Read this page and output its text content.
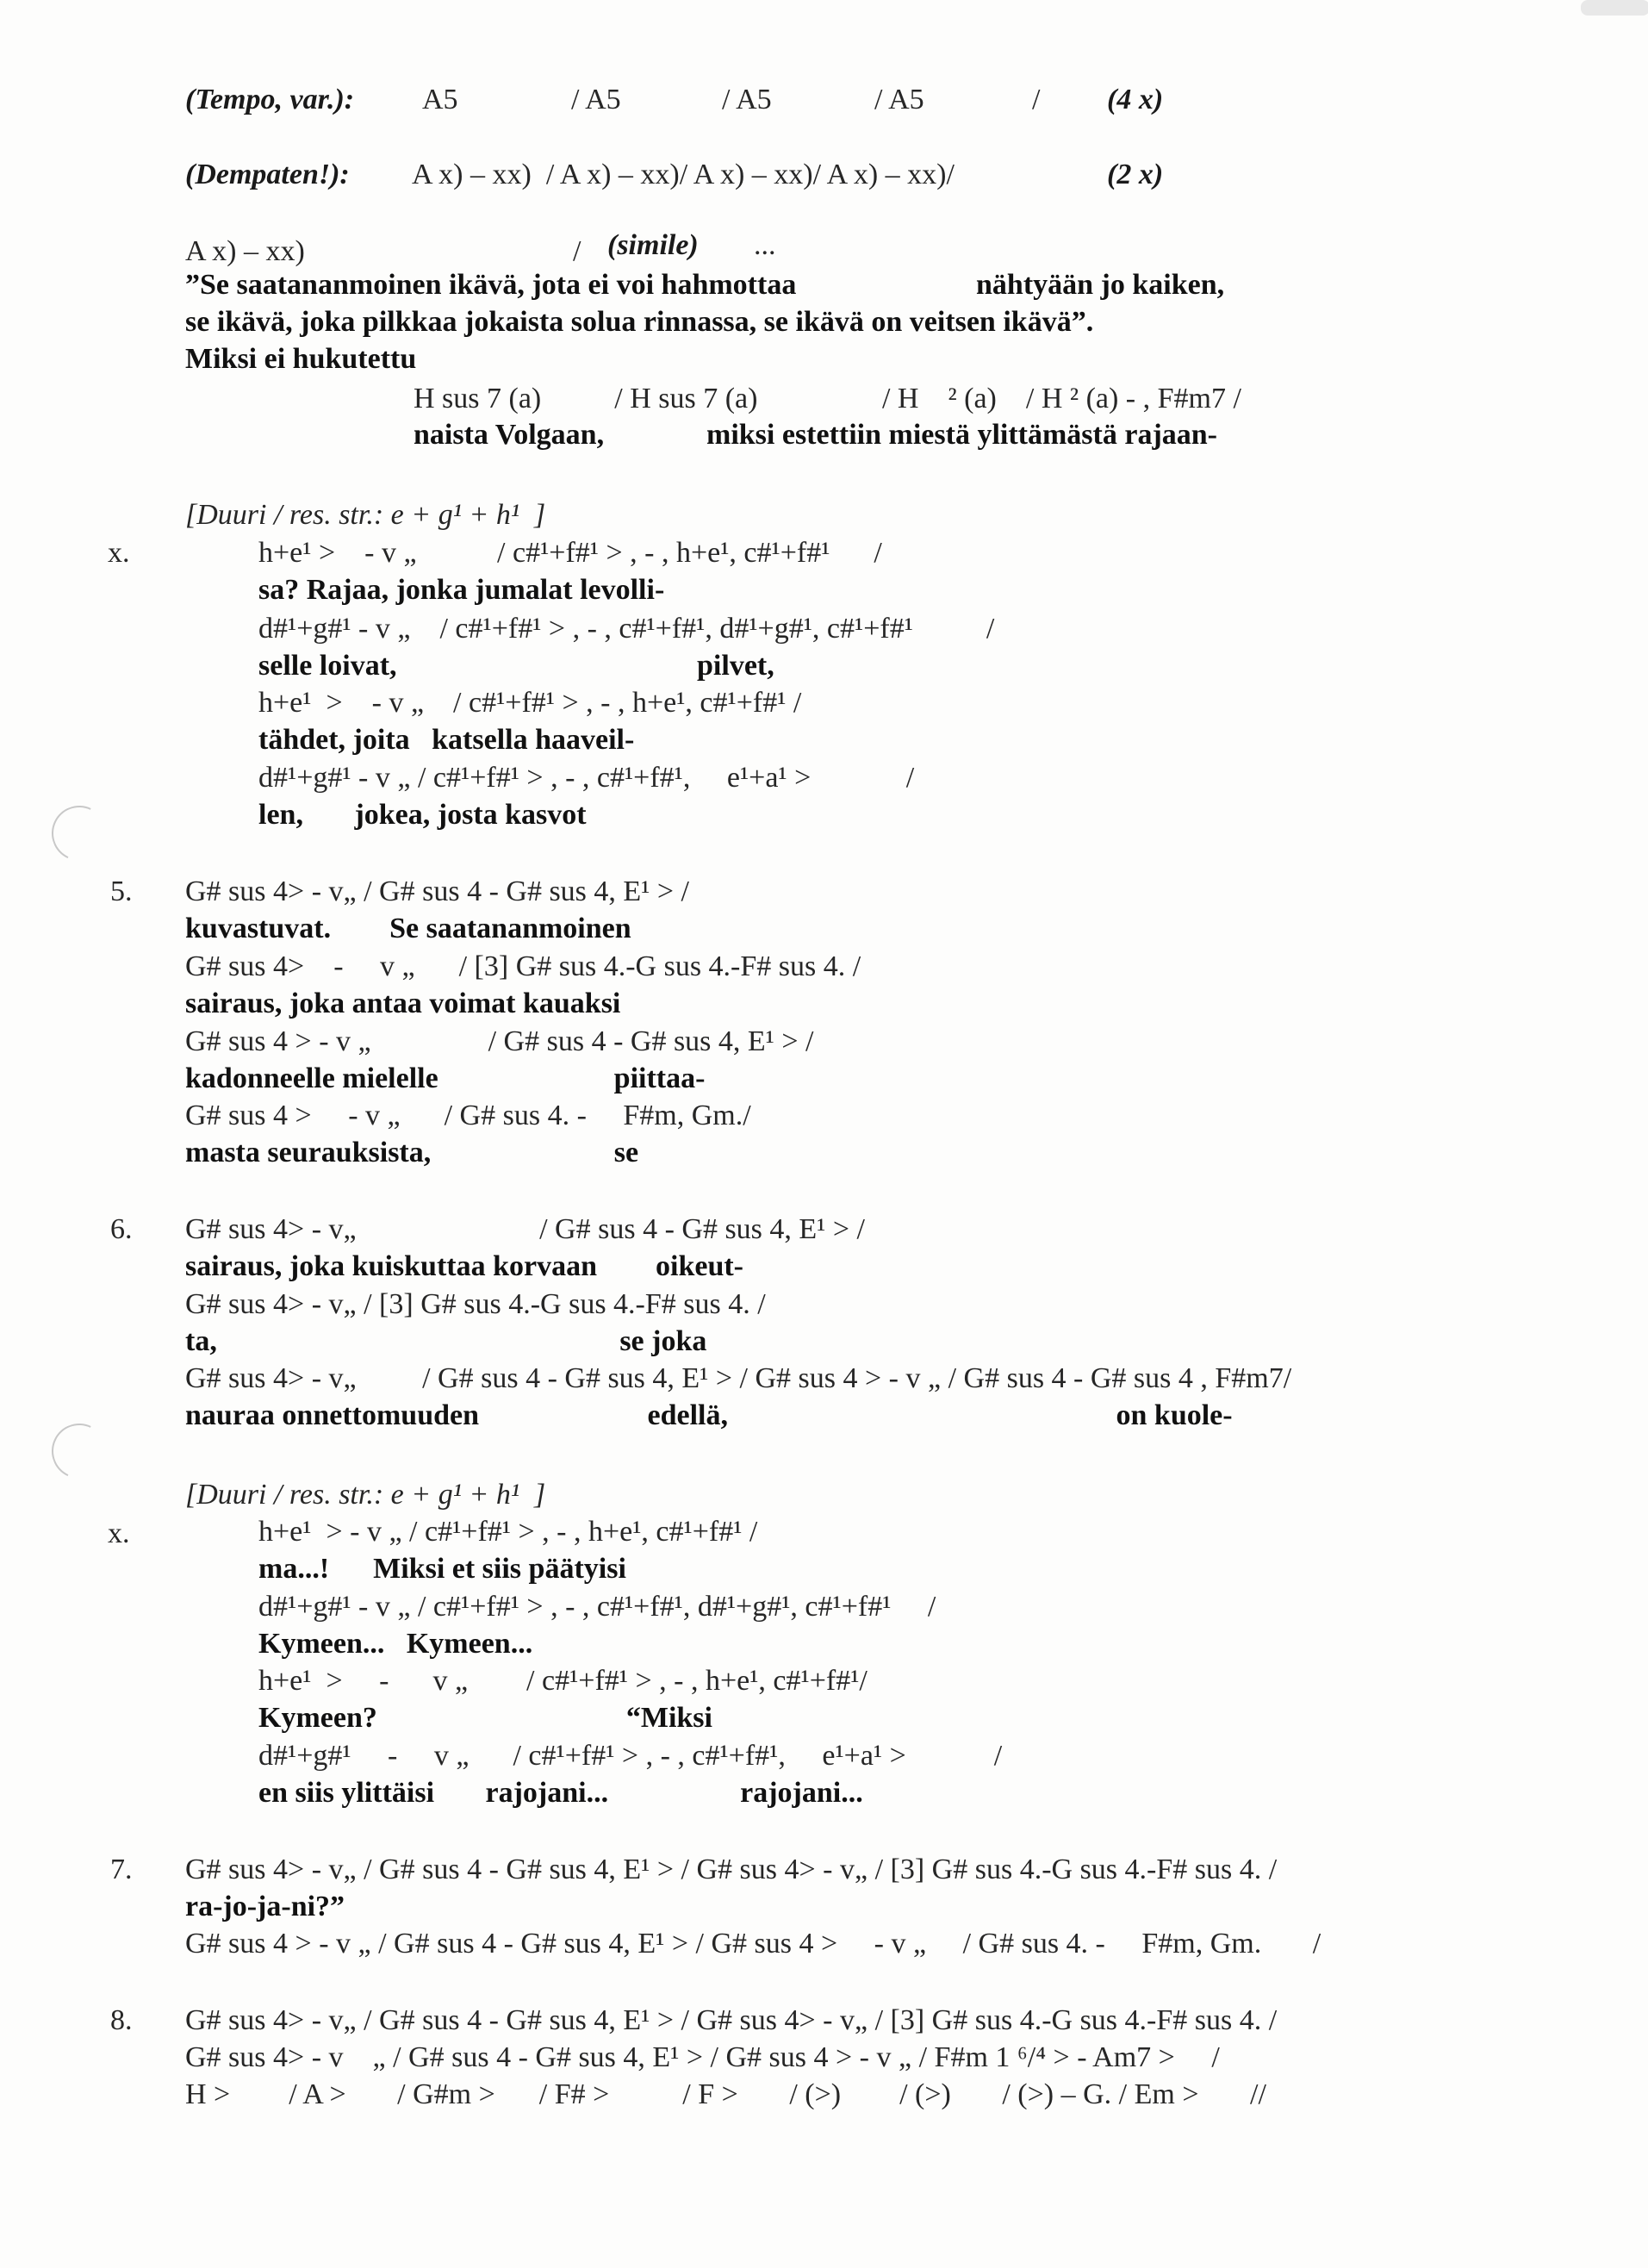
(Tempo, var.): A5	/ A5	/ A5	/ A5	/ (4 x)
(Dempaten!): A x) – xx)  / A x) – xx)/ A x) – xx)/ A x) – xx)/	(2 x)
A x) – xx)	/ (simile) ...
”Se saatananmoinen ikävä, jota ei voi hahmottaa	nähtyään jo kaiken,
se ikävä, joka pilkkaa jokaista solua rinnassa, se ikävä on veitsen ikävä”.
Miksi ei hukutettu
H sus 7 (a)          / H sus 7 (a)                 / H    ² (a)    / H ² (a) - , F#m7 /
naista Volgaan,	miksi estettiin miestä ylittämästä rajaan-
[Duuri / res. str.: e + g¹ + h¹  ]
x.	h+e¹ >    - v „           / c#¹+f#¹ > , - , h+e¹, c#¹+f#¹      /
sa? Rajaa, jonka jumalat levolli-
d#¹+g#¹ - v „    / c#¹+f#¹ > , - , c#¹+f#¹, d#¹+g#¹, c#¹+f#¹          /
selle loivat,                                         pilvet,
h+e¹  >    - v „    / c#¹+f#¹ > , - , h+e¹, c#¹+f#¹ /
tähdet, joita   katsella haaveil-
d#¹+g#¹ - v „ / c#¹+f#¹ > , - , c#¹+f#¹,     e¹+a¹ >             /
len,       jokea, josta kasvot
5. G# sus 4> - v„ / G# sus 4 - G# sus 4, E¹ > /
kuvastuvat.        Se saatananmoinen
G# sus 4>    -     v „      / [3] G# sus 4.-G sus 4.-F# sus 4. /
sairaus, joka antaa voimat kauaksi
G# sus 4 > - v „                / G# sus 4 - G# sus 4, E¹ > /
kadonneelle mielelle                        piittaa-
G# sus 4 >     - v „      / G# sus 4. -     F#m, Gm./
masta seurauksista,                         se
6. G# sus 4> - v„                         / G# sus 4 - G# sus 4, E¹ > /
sairaus, joka kuiskuttaa korvaan        oikeut-
G# sus 4> - v„ / [3] G# sus 4.-G sus 4.-F# sus 4. /
ta,                                                       se joka
G# sus 4> - v„         / G# sus 4 - G# sus 4, E¹ > / G# sus 4 > - v „ / G# sus 4 - G# sus 4 , F#m7/
nauraa onnettomuuden                       edellä,                                                     on kuole-
[Duuri / res. str.: e + g¹ + h¹  ]
x.	h+e¹  > - v „ / c#¹+f#¹ > , - , h+e¹, c#¹+f#¹ /
ma...!      Miksi et siis päätyisi
d#¹+g#¹ - v „ / c#¹+f#¹ > , - , c#¹+f#¹, d#¹+g#¹, c#¹+f#¹     /
Kymeen...   Kymeen...
h+e¹  >     -      v „        / c#¹+f#¹ > , - , h+e¹, c#¹+f#¹/
Kymeen?                                  “Miksi
d#¹+g#¹     -     v „      / c#¹+f#¹ > , - , c#¹+f#¹,     e¹+a¹ >            /
en siis ylittäisi       rajojani...                  rajojani...
7. G# sus 4> - v„ / G# sus 4 - G# sus 4, E¹ > / G# sus 4> - v„ / [3] G# sus 4.-G sus 4.-F# sus 4. /
ra-jo-ja-ni?”
G# sus 4 > - v „ / G# sus 4 - G# sus 4, E¹ > / G# sus 4 >     - v „     / G# sus 4. -     F#m, Gm.       /
8. G# sus 4> - v„ / G# sus 4 - G# sus 4, E¹ > / G# sus 4> - v„ / [3] G# sus 4.-G sus 4.-F# sus 4. /
G# sus 4> - v    „ / G# sus 4 - G# sus 4, E¹ > / G# sus 4 > - v „ / F#m 1 ⁶/⁴ > - Am7 >     /
H >        / A >       / G#m >      / F# >          / F >       / (>)        / (>)       / (>) – G. / Em >       //
